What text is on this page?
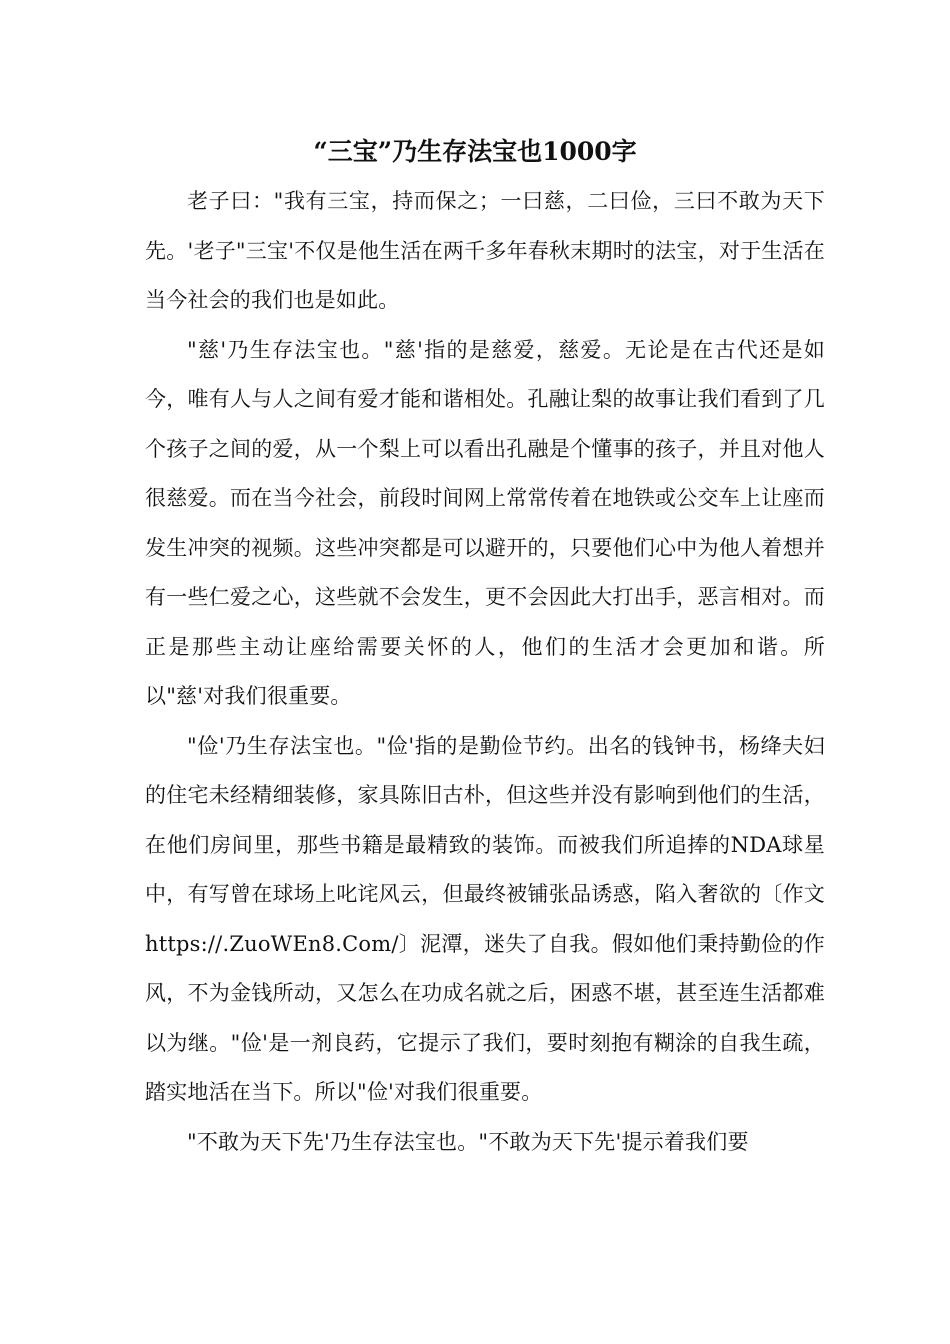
“三宝”乃生存法宝也1000字

老子曰："我有三宝，持而保之；一曰慈，二曰俭，三曰不敢为天下先。'老子"三宝'不仅是他生活在两千多年春秋末期时的法宝，对于生活在当今社会的我们也是如此。

"慈'乃生存法宝也。"慈'指的是慈爱，慈爱。无论是在古代还是如今，唯有人与人之间有爱才能和谐相处。孔融让梨的故事让我们看到了几个孩子之间的爱，从一个梨上可以看出孔融是个懂事的孩子，并且对他人很慈爱。而在当今社会，前段时间网上常常传着在地铁或公交车上让座而发生冲突的视频。这些冲突都是可以避开的，只要他们心中为他人着想并有一些仁爱之心，这些就不会发生，更不会因此大打出手，恶言相对。而正是那些主动让座给需要关怀的人，他们的生活才会更加和谐。所以"慈'对我们很重要。

"俭'乃生存法宝也。"俭'指的是勤俭节约。出名的钱钟书，杨绛夫妇的住宅未经精细装修，家具陈旧古朴，但这些并没有影响到他们的生活，在他们房间里，那些书籍是最精致的装饰。而被我们所追捧的NDA球星中，有写曾在球场上叱诧风云，但最终被铺张品诱惑，陷入奢欲的〔作文https://.ZuoWEn8.Com/〕泥潭，迷失了自我。假如他们秉持勤俭的作风，不为金钱所动，又怎么在功成名就之后，困惑不堪，甚至连生活都难以为继。"俭'是一剂良药，它提示了我们，要时刻抱有糊涂的自我生疏，踏实地活在当下。所以"俭'对我们很重要。

"不敢为天下先'乃生存法宝也。"不敢为天下先'提示着我们要
